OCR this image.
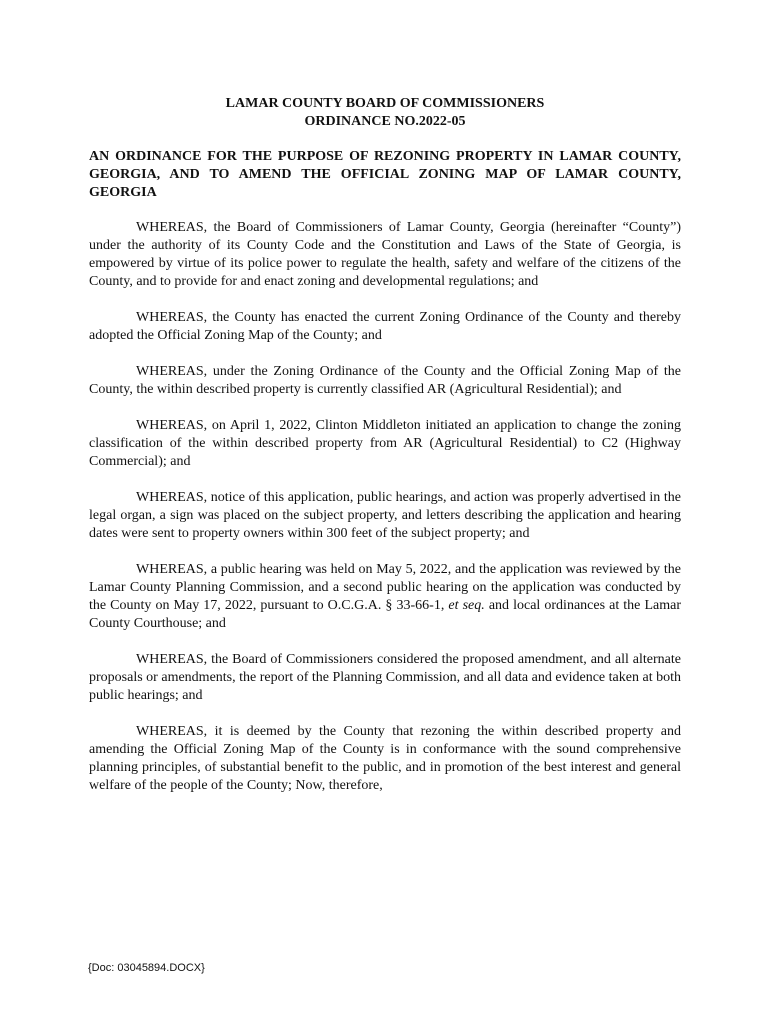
LAMAR COUNTY BOARD OF COMMISSIONERS
ORDINANCE NO.2022-05
AN ORDINANCE FOR THE PURPOSE OF REZONING PROPERTY IN LAMAR COUNTY, GEORGIA, AND TO AMEND THE OFFICIAL ZONING MAP OF LAMAR COUNTY, GEORGIA

WHEREAS, the Board of Commissioners of Lamar County, Georgia (hereinafter “County”) under the authority of its County Code and the Constitution and Laws of the State of Georgia, is empowered by virtue of its police power to regulate the health, safety and welfare of the citizens of the County, and to provide for and enact zoning and developmental regulations; and

WHEREAS, the County has enacted the current Zoning Ordinance of the County and thereby adopted the Official Zoning Map of the County; and

WHEREAS, under the Zoning Ordinance of the County and the Official Zoning Map of the County, the within described property is currently classified AR (Agricultural Residential); and

WHEREAS, on April 1, 2022, Clinton Middleton initiated an application to change the zoning classification of the within described property from AR (Agricultural Residential) to C2 (Highway Commercial); and

WHEREAS, notice of this application, public hearings, and action was properly advertised in the legal organ, a sign was placed on the subject property, and letters describing the application and hearing dates were sent to property owners within 300 feet of the subject property; and

WHEREAS, a public hearing was held on May 5, 2022, and the application was reviewed by the Lamar County Planning Commission, and a second public hearing on the application was conducted by the County on May 17, 2022, pursuant to O.C.G.A. § 33-66-1, et seq. and local ordinances at the Lamar County Courthouse; and

WHEREAS, the Board of Commissioners considered the proposed amendment, and all alternate proposals or amendments, the report of the Planning Commission, and all data and evidence taken at both public hearings; and

WHEREAS, it is deemed by the County that rezoning the within described property and amending the Official Zoning Map of the County is in conformance with the sound comprehensive planning principles, of substantial benefit to the public, and in promotion of the best interest and general welfare of the people of the County; Now, therefore,

{Doc: 03045894.DOCX}
